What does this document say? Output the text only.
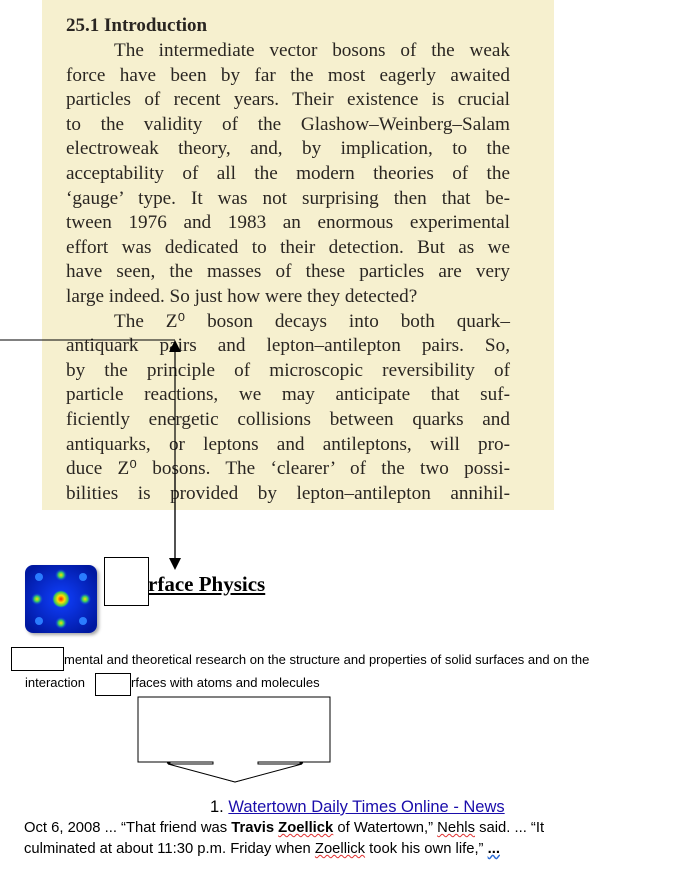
25.1 Introduction

The intermediate vector bosons of the weak

force have been by far the most eagerly awaited

particles of recent years. Their existence is crucial

to the validity of the Glashow–Weinberg–Salam

electroweak theory, and, by implication, to the

acceptability of all the modern theories of the

‘gauge’ type. It was not surprising then that be-

tween 1976 and 1983 an enormous experimental

effort was dedicated to their detection. But as we

have seen, the masses of these particles are very

large indeed. So just how were they detected?

The Z⁰ boson decays into both quark–

antiquark pairs and lepton–antilepton pairs. So,

by the principle of microscopic reversibility of

particle reactions, we may anticipate that suf-

ficiently energetic collisions between quarks and

antiquarks, or leptons and antileptons, will pro-

duce Z⁰ bosons. The ‘clearer’ of the two possi-

bilities is provided by lepton–antilepton annihil-

rface Physics
mental and theoretical research on the structure and properties of solid surfaces and on the
interaction	rfaces with atoms and molecules
1. Watertown Daily Times Online - News
Oct 6, 2008 ... “That friend was Travis Zoellick of Watertown,” Nehls said. ... “It
culminated at about 11:30 p.m. Friday when Zoellick took his own life,” ...
